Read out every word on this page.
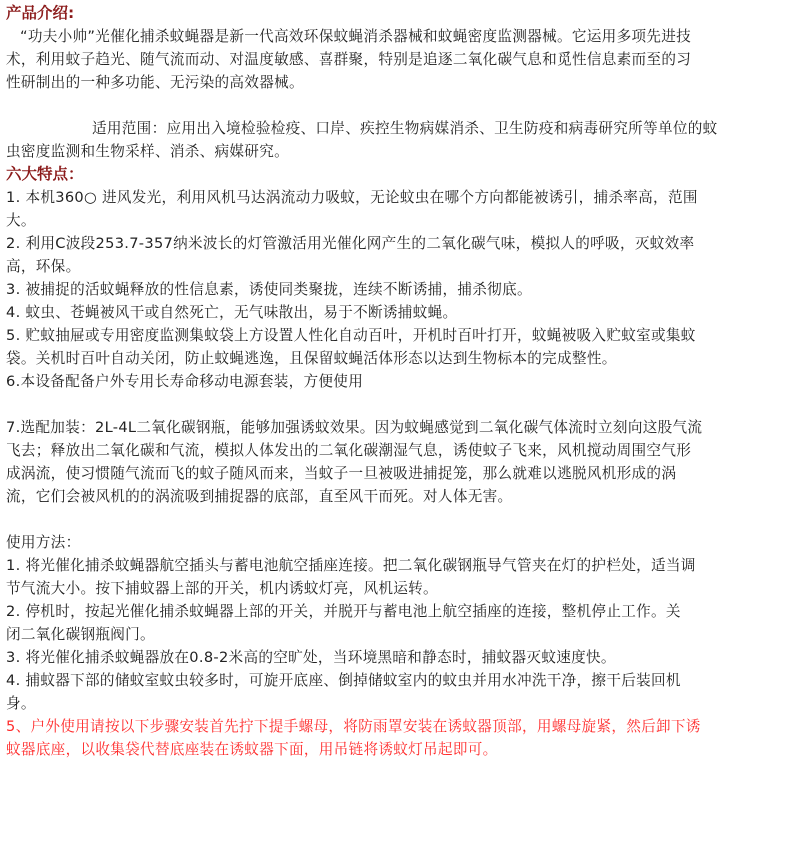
产品介绍:
“功夫小帅”光催化捕杀蚊蝇器是新一代高效环保蚊蝇消杀器械和蚊蝇密度监测器械。它运用多项先进技
术，利用蚊子趋光、随气流而动、对温度敏感、喜群聚，特别是追逐二氧化碳气息和觅性信息素而至的习
性研制出的一种多功能、无污染的高效器械。
适用范围：应用出入境检验检疫、口岸、疾控生物病媒消杀、卫生防疫和病毒研究所等单位的蚊
虫密度监测和生物采样、消杀、病媒研究。
六大特点：
1. 本机360○ 进风发光，利用风机马达涡流动力吸蚊，无论蚊虫在哪个方向都能被诱引，捕杀率高，范围
大。
2. 利用C波段253.7-357纳米波长的灯管激活用光催化网产生的二氧化碳气味，模拟人的呼吸，灭蚊效率
高，环保。
3. 被捕捉的活蚊蝇释放的性信息素，诱使同类聚拢，连续不断诱捕，捕杀彻底。
4. 蚊虫、苍蝇被风干或自然死亡，无气味散出，易于不断诱捕蚊蝇。
5. 贮蚊抽屉或专用密度监测集蚊袋上方设置人性化自动百叶，开机时百叶打开，蚊蝇被吸入贮蚊室或集蚊
袋。关机时百叶自动关闭，防止蚊蝇逃逸，且保留蚊蝇活体形态以达到生物标本的完成整性。
6.本设备配备户外专用长寿命移动电源套装，方便使用
7.选配加装：2L-4L二氧化碳钢瓶，能够加强诱蚊效果。因为蚊蝇感觉到二氧化碳气体流时立刻向这股气流
飞去；释放出二氧化碳和气流，模拟人体发出的二氧化碳潮湿气息，诱使蚊子飞来，风机搅动周围空气形
成涡流，使习惯随气流而飞的蚊子随风而来，当蚊子一旦被吸进捕捉笼，那么就难以逃脱风机形成的涡
流，它们会被风机的的涡流吸到捕捉器的底部，直至风干而死。对人体无害。
使用方法：
1. 将光催化捕杀蚊蝇器航空插头与蓄电池航空插座连接。把二氧化碳钢瓶导气管夹在灯的护栏处，适当调
节气流大小。按下捕蚊器上部的开关，机内诱蚊灯亮，风机运转。
2. 停机时，按起光催化捕杀蚊蝇器上部的开关，并脱开与蓄电池上航空插座的连接，整机停止工作。关
闭二氧化碳钢瓶阀门。
3. 将光催化捕杀蚊蝇器放在0.8-2米高的空旷处，当环境黑暗和静态时，捕蚊器灭蚊速度快。
4. 捕蚊器下部的储蚊室蚊虫较多时，可旋开底座、倒掉储蚊室内的蚊虫并用水冲洗干净，擦干后装回机
身。
5、户外使用请按以下步骤安装首先拧下提手螺母，将防雨罩安装在诱蚊器顶部，用螺母旋紧，然后卸下诱
蚊器底座，以收集袋代替底座装在诱蚊器下面，用吊链将诱蚊灯吊起即可。
